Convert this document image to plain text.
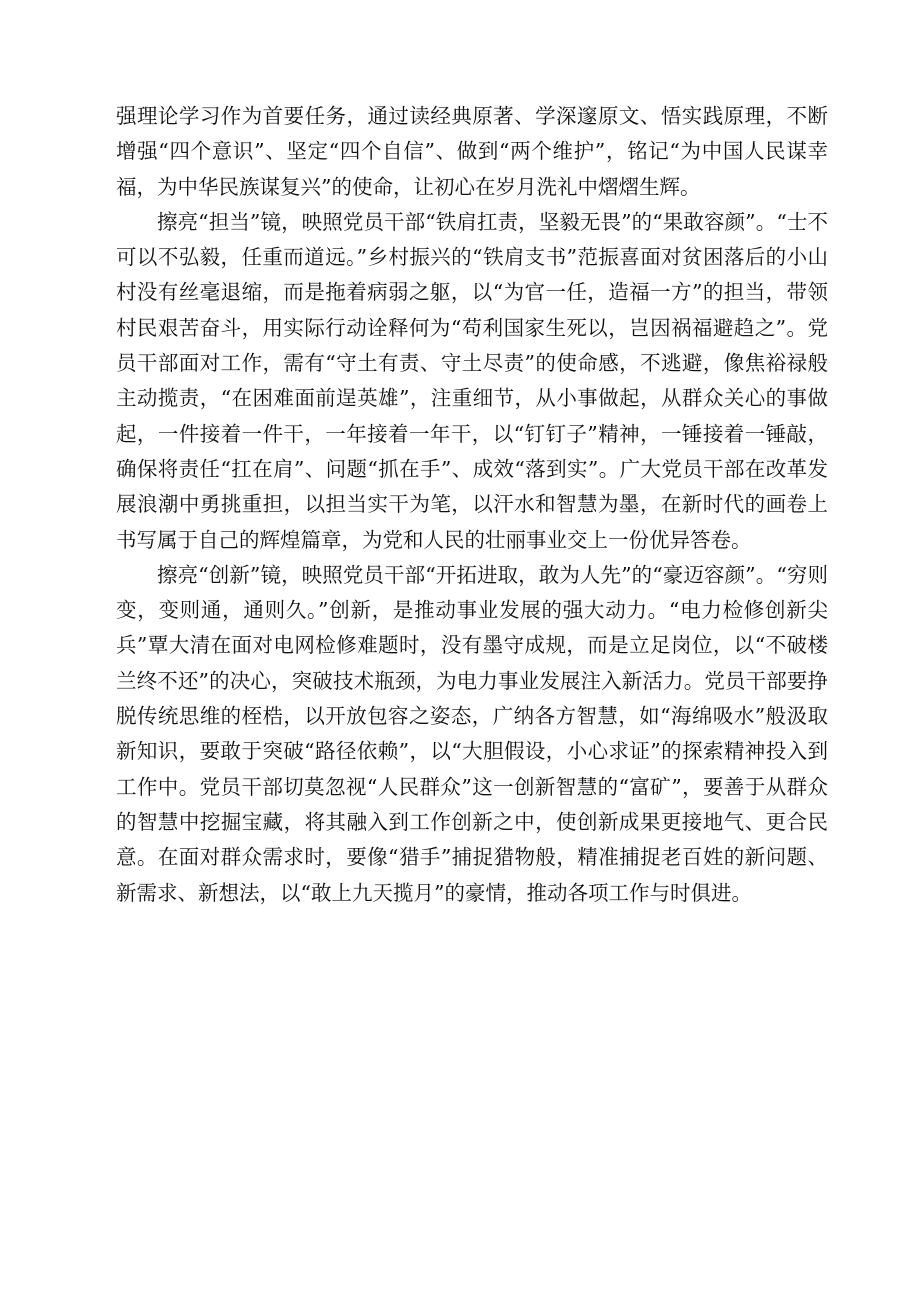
强理论学习作为首要任务，通过读经典原著、学深邃原文、悟实践原理，不断增强“四个意识”、坚定“四个自信”、做到“两个维护”，铭记“为中国人民谋幸福，为中华民族谋复兴”的使命，让初心在岁月洗礼中熠熠生辉。

擦亮“担当”镜，映照党员干部“铁肩扛责，坚毅无畏”的“果敢容颜”。“士不可以不弘毅，任重而道远。”乡村振兴的“铁肩支书”范振喜面对贫困落后的小山村没有丝毫退缩，而是拖着病弱之躯，以“为官一任，造福一方”的担当，带领村民艰苦奋斗，用实际行动诠释何为“苟利国家生死以，岂因祸福避趋之”。党员干部面对工作，需有“守土有责、守土尽责”的使命感，不逃避，像焦裕禄般主动揽责，“在困难面前逞英雄”，注重细节，从小事做起，从群众关心的事做起，一件接着一件干，一年接着一年干，以“钉钉子”精神，一锤接着一锤敲，确保将责任“扛在肩”、问题“抓在手”、成效“落到实”。广大党员干部在改革发展浪潮中勇挑重担，以担当实干为笔，以汗水和智慧为墨，在新时代的画卷上书写属于自己的辉煌篇章，为党和人民的壮丽事业交上一份优异答卷。

擦亮“创新”镜，映照党员干部“开拓进取，敢为人先”的“豪迈容颜”。“穷则变，变则通，通则久。”创新，是推动事业发展的强大动力。“电力检修创新尖兵”覃大清在面对电网检修难题时，没有墨守成规，而是立足岗位，以“不破楼兰终不还”的决心，突破技术瓶颈，为电力事业发展注入新活力。党员干部要挣脱传统思维的桎梏，以开放包容之姿态，广纳各方智慧，如“海绵吸水”般汲取新知识，要敢于突破“路径依赖”，以“大胆假设，小心求证”的探索精神投入到工作中。党员干部切莫忽视“人民群众”这一创新智慧的“富矿”，要善于从群众的智慧中挖掘宝藏，将其融入到工作创新之中，使创新成果更接地气、更合民意。在面对群众需求时，要像“猎手”捕捉猎物般，精准捕捉老百姓的新问题、新需求、新想法，以“敢上九天揽月”的豪情，推动各项工作与时俱进。
